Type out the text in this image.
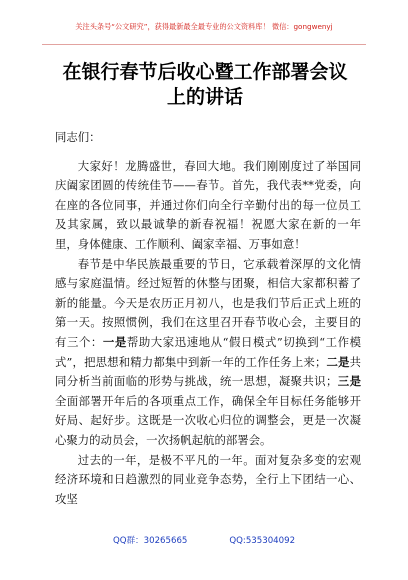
关注头条号“公文研究”，获得最新最全最专业的公文资料库！ 微信：gongwenyj
在银行春节后收心暨工作部署会议上的讲话

同志们：

大家好！龙腾盛世，春回大地。我们刚刚度过了举国同庆阖家团圆的传统佳节——春节。首先，我代表**党委，向在座的各位同事，并通过你们向全行辛勤付出的每一位员工及其家属，致以最诚挚的新春祝福！祝愿大家在新的一年里，身体健康、工作顺利、阖家幸福、万事如意！

春节是中华民族最重要的节日，它承载着深厚的文化情感与家庭温情。经过短暂的休整与团聚，相信大家都积蓄了新的能量。今天是农历正月初八，也是我们节后正式上班的第一天。按照惯例，我们在这里召开春节收心会，主要目的有三个：一是帮助大家迅速地从“假日模式”切换到“工作模式”，把思想和精力都集中到新一年的工作任务上来；二是共同分析当前面临的形势与挑战，统一思想，凝聚共识；三是全面部署开年后的各项重点工作，确保全年目标任务能够开好局、起好步。这既是一次收心归位的调整会，更是一次凝心聚力的动员会，一次扬帆起航的部署会。

过去的一年，是极不平凡的一年。面对复杂多变的宏观经济环境和日趋激烈的同业竞争态势，全行上下团结一心、攻坚

QQ群：30265665	QQ:535304092
